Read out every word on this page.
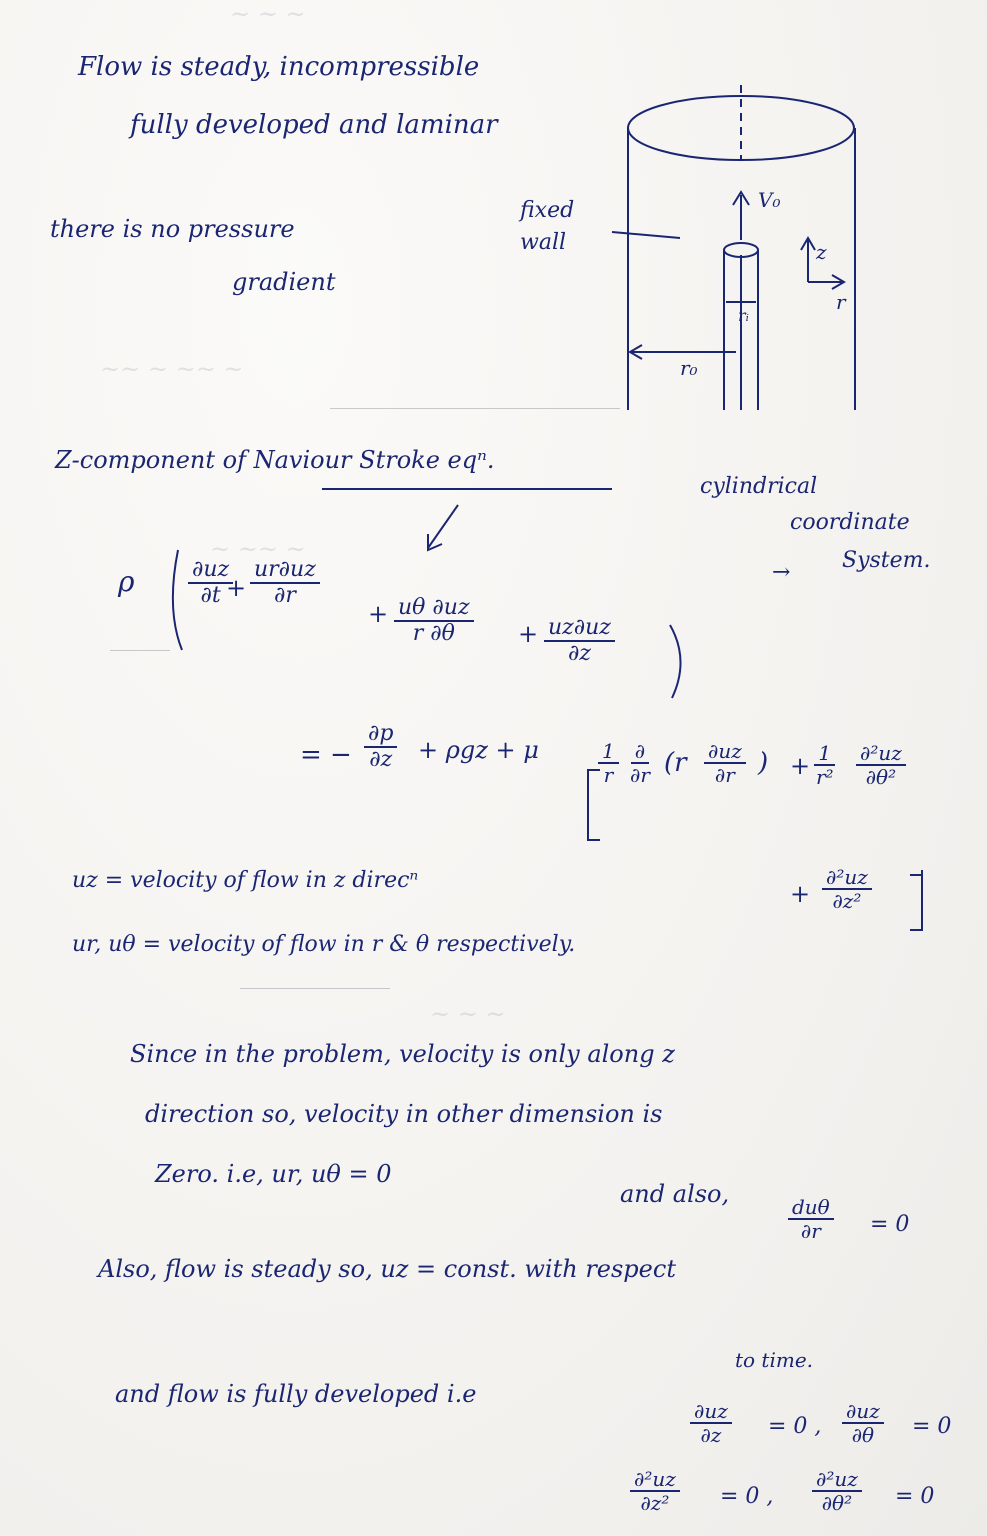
~ ~ ~
~~ ~ ~~ ~
~ ~~ ~
~ ~ ~
Flow is steady, incompressible
fully developed and laminar
there is no pressure
gradient
fixed
wall
V₀
z
r
rᵢ
r₀
Z-component of Naviour Stroke eqⁿ.
cylindrical
coordinate
System.
→
ρ $\frac{\partial uz}{\partial t}$
+ $\frac{ur\partial uz}{\partial r}$
+ $\frac{u\theta \partial uz}{r \partial\theta} + \frac{uz\partial uz}{\partial z}$
= − $\frac{\partial p}{\partial z} + \rho gz + \mu$	$\frac{1}{r}$ ∂
∂r ($r \frac{\partial uz}{\partial r}$ ) + $\frac{1}{\text{r²}} \frac{\text{∂²uz}}{\text{∂θ²}}$
+ $\frac{\text{∂²uz}}{\text{∂z²}}$
uz = velocity of flow in z direcⁿ
ur, uθ = velocity of flow in r & θ respectively.
Since in the problem, velocity is only along z
direction so, velocity in other dimension is
Zero. i.e, ur, uθ = 0
and also,	duθ
∂r = 0
Also, flow is steady so, uz = const. with respect
to time.
and flow is fully developed i.e
$\frac{\partial uz}{\partial z} = 0$ , $\frac{\partial uz}{\partial\theta} = 0$
$\frac{\text{∂²uz}}{\text{∂z²}} = 0$ , $\frac{\text{∂²uz}}{\text{∂θ²}} = 0$
